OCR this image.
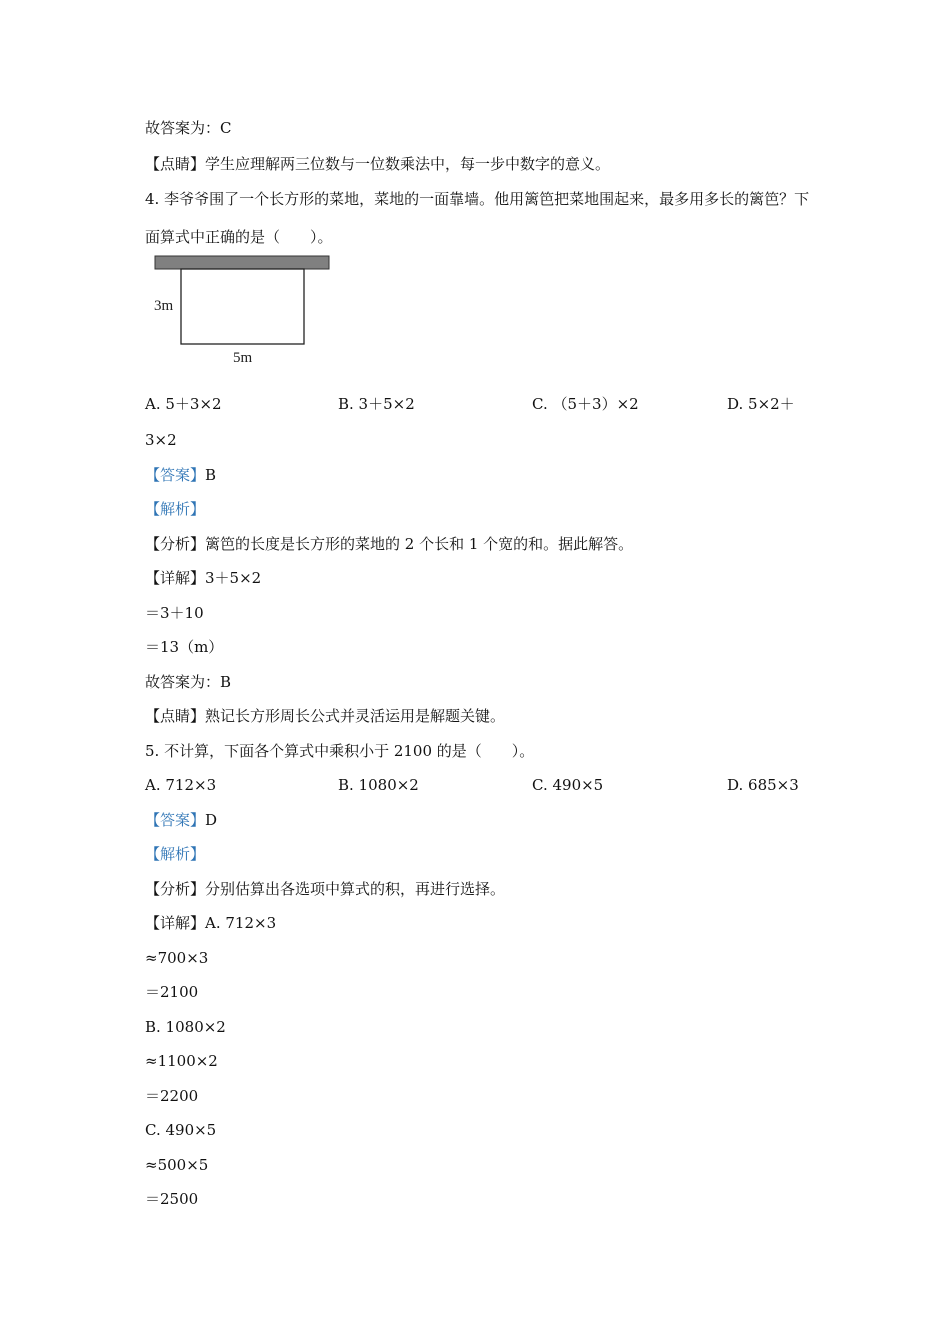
故答案为：C
【点睛】学生应理解两三位数与一位数乘法中，每一步中数字的意义。
4. 李爷爷围了一个长方形的菜地，菜地的一面靠墙。他用篱笆把菜地围起来，最多用多长的篱笆？下面算式中正确的是（　　）。
3m
5m
A. 5＋3×2	B. 3＋5×2	C. （5＋3）×2	D. 5×2＋
3×2
【答案】B
【解析】
【分析】篱笆的长度是长方形的菜地的 2 个长和 1 个宽的和。据此解答。
【详解】3＋5×2
＝3＋10
＝13（m）
故答案为：B
【点睛】熟记长方形周长公式并灵活运用是解题关键。
5. 不计算，下面各个算式中乘积小于 2100 的是（　　）。
A. 712×3	B. 1080×2	C. 490×5	D. 685×3
【答案】D
【解析】
【分析】分别估算出各选项中算式的积，再进行选择。
【详解】A. 712×3
≈700×3
＝2100
B. 1080×2
≈1100×2
＝2200
C. 490×5
≈500×5
＝2500
